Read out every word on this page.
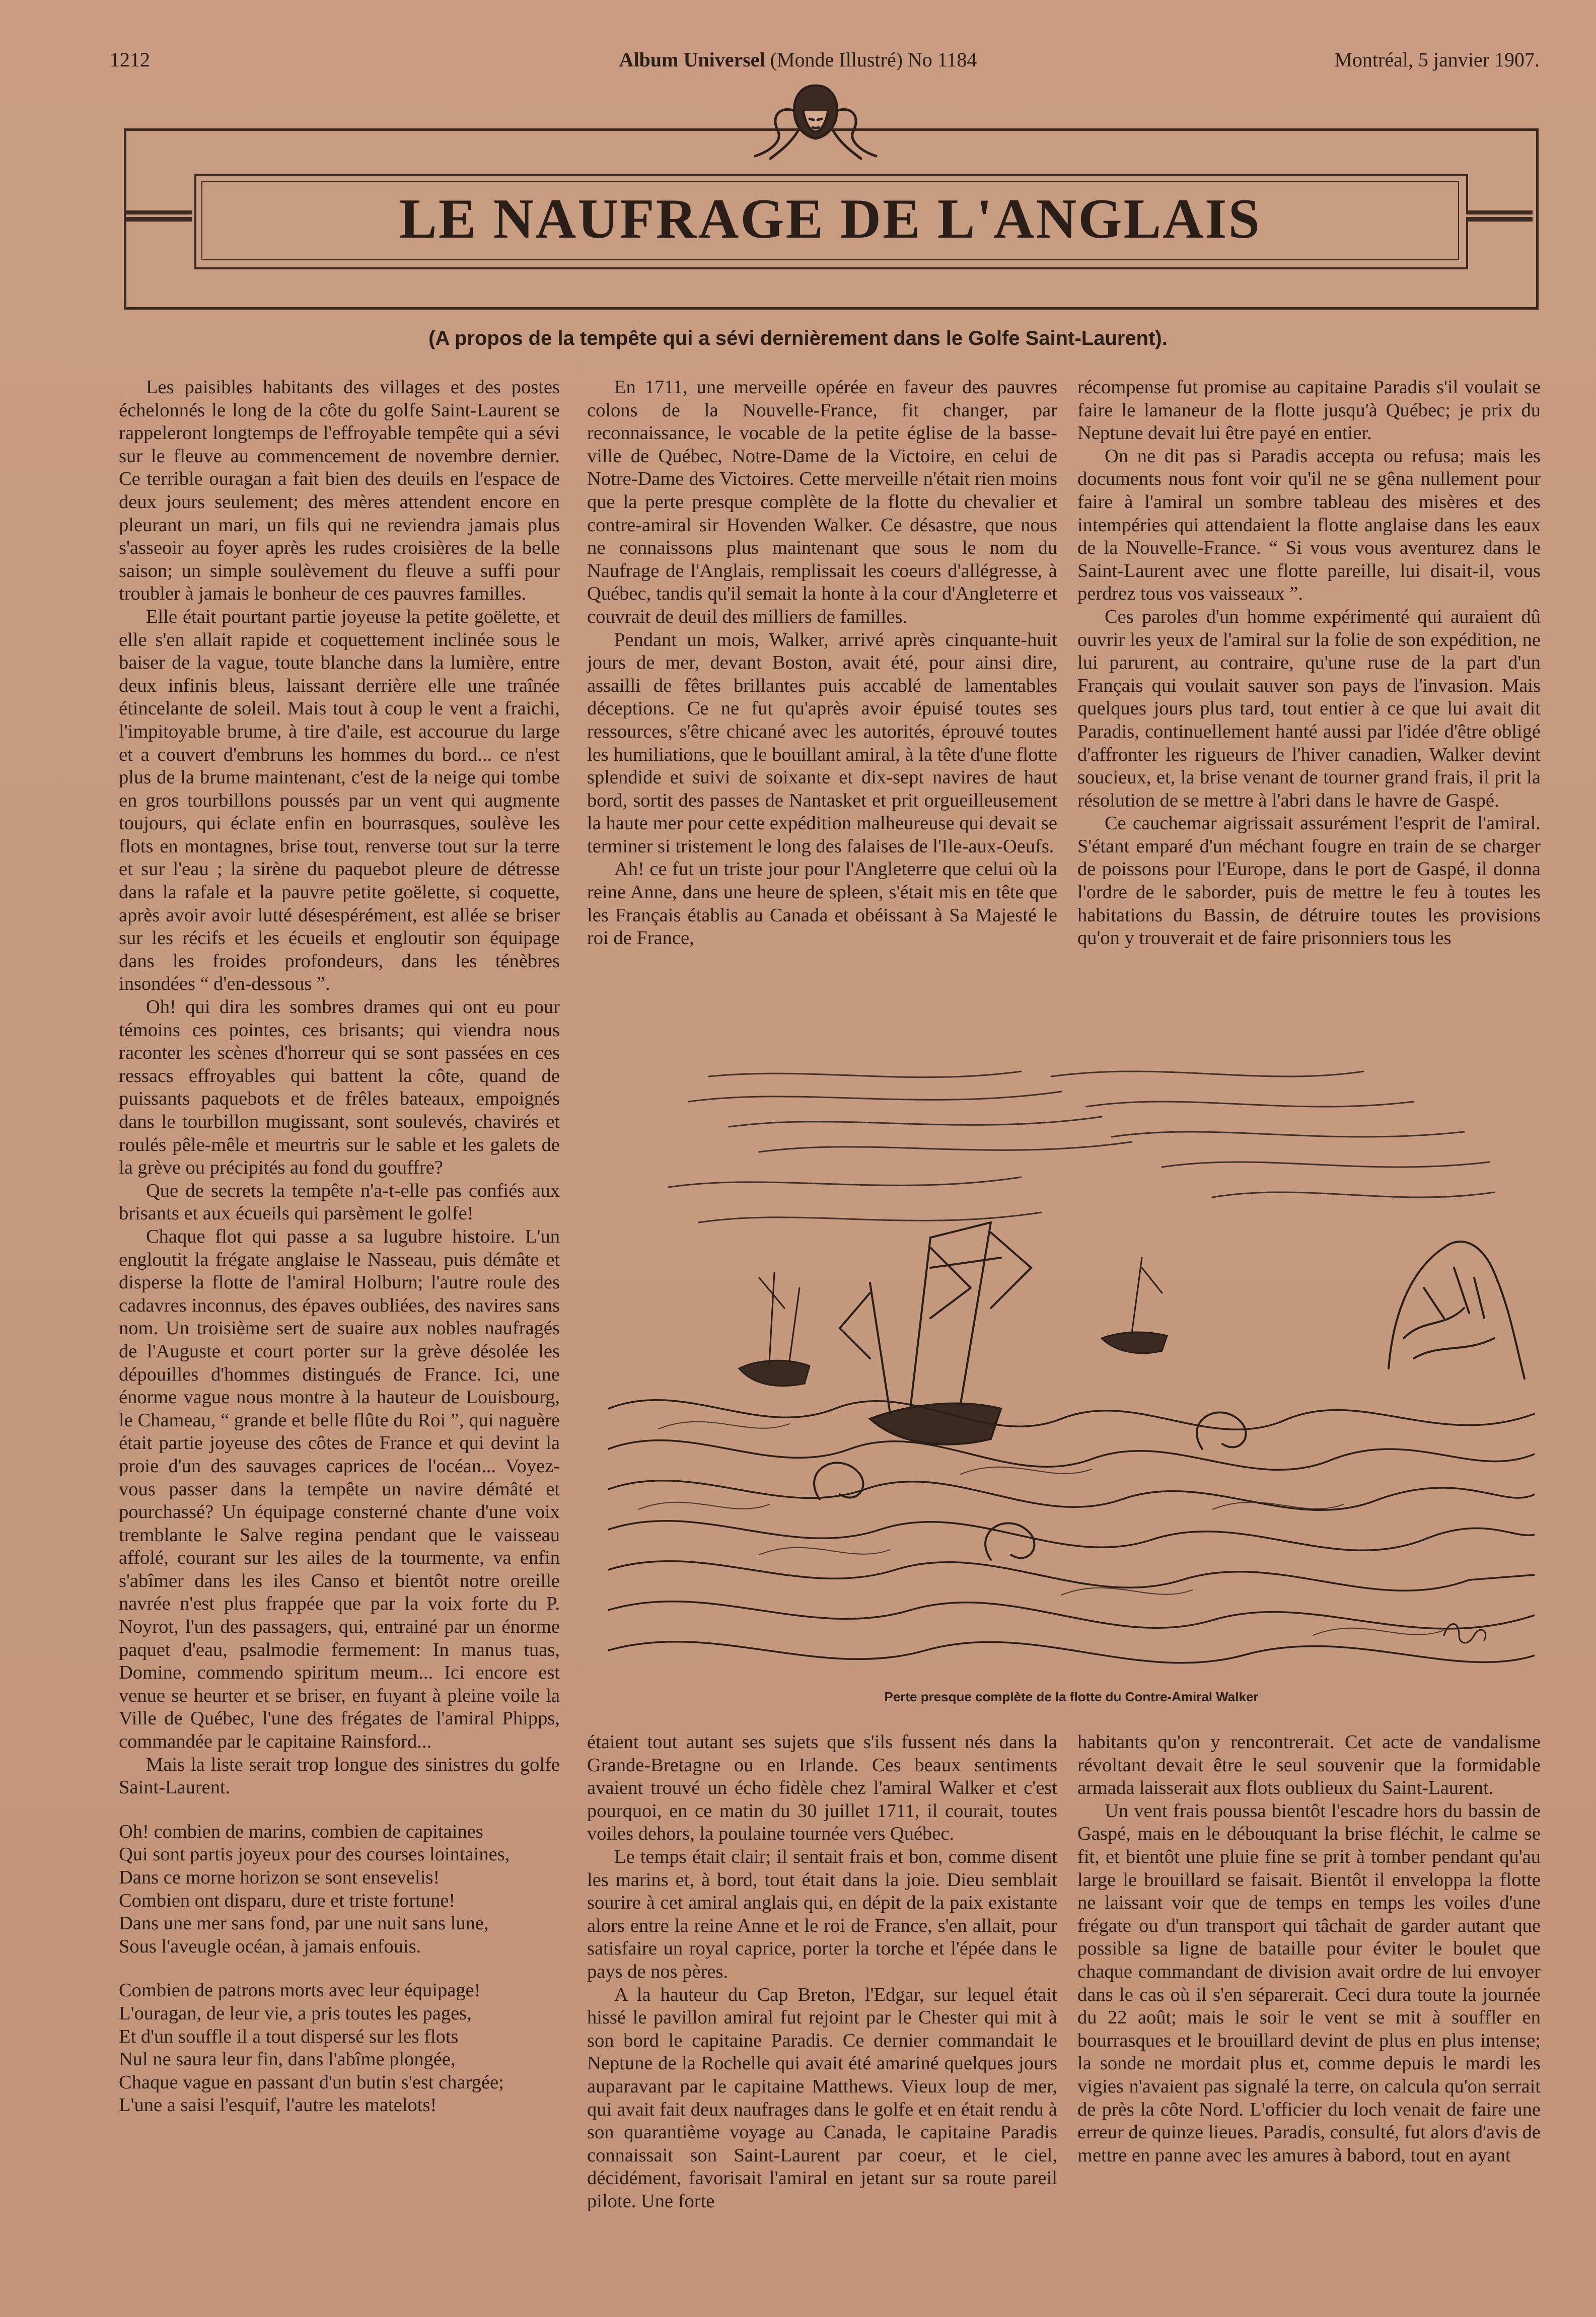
1212	Album Universel (Monde Illustré) No 1184	Montréal, 5 janvier 1907.
LE NAUFRAGE DE L'ANGLAIS
(A propos de la tempête qui a sévi dernièrement dans le Golfe Saint-Laurent).

Les paisibles habitants des villages et des postes échelonnés le long de la côte du golfe Saint-Laurent se rappeleront longtemps de l'effroyable tempête qui a sévi sur le fleuve au commencement de novembre dernier. Ce terrible ouragan a fait bien des deuils en l'espace de deux jours seulement; des mères attendent encore en pleurant un mari, un fils qui ne reviendra jamais plus s'asseoir au foyer après les rudes croisières de la belle saison; un simple soulèvement du fleuve a suffi pour troubler à jamais le bonheur de ces pauvres familles.

Elle était pourtant partie joyeuse la petite goëlette, et elle s'en allait rapide et coquettement inclinée sous le baiser de la vague, toute blanche dans la lumière, entre deux infinis bleus, laissant derrière elle une traînée étincelante de soleil. Mais tout à coup le vent a fraichi, l'impitoyable brume, à tire d'aile, est accourue du large et a couvert d'embruns les hommes du bord... ce n'est plus de la brume maintenant, c'est de la neige qui tombe en gros tourbillons poussés par un vent qui augmente toujours, qui éclate enfin en bourrasques, soulève les flots en montagnes, brise tout, renverse tout sur la terre et sur l'eau ; la sirène du paquebot pleure de détresse dans la rafale et la pauvre petite goëlette, si coquette, après avoir avoir lutté désespérément, est allée se briser sur les récifs et les écueils et engloutir son équipage dans les froides profondeurs, dans les ténèbres insondées “ d'en-dessous ”.

Oh! qui dira les sombres drames qui ont eu pour témoins ces pointes, ces brisants; qui viendra nous raconter les scènes d'horreur qui se sont passées en ces ressacs effroyables qui battent la côte, quand de puissants paquebots et de frêles bateaux, empoignés dans le tourbillon mugissant, sont soulevés, chavirés et roulés pêle-mêle et meurtris sur le sable et les galets de la grève ou précipités au fond du gouffre?

Que de secrets la tempête n'a-t-elle pas confiés aux brisants et aux écueils qui parsèment le golfe!

Chaque flot qui passe a sa lugubre histoire. L'un engloutit la frégate anglaise le Nasseau, puis démâte et disperse la flotte de l'amiral Holburn; l'autre roule des cadavres inconnus, des épaves oubliées, des navires sans nom. Un troisième sert de suaire aux nobles naufragés de l'Auguste et court porter sur la grève désolée les dépouilles d'hommes distingués de France. Ici, une énorme vague nous montre à la hauteur de Louisbourg, le Chameau, “ grande et belle flûte du Roi ”, qui naguère était partie joyeuse des côtes de France et qui devint la proie d'un des sauvages caprices de l'océan... Voyez-vous passer dans la tempête un navire démâté et pourchassé? Un équipage consterné chante d'une voix tremblante le Salve regina pendant que le vaisseau affolé, courant sur les ailes de la tourmente, va enfin s'abîmer dans les iles Canso et bientôt notre oreille navrée n'est plus frappée que par la voix forte du P. Noyrot, l'un des passagers, qui, entrainé par un énorme paquet d'eau, psalmodie fermement: In manus tuas, Domine, commendo spiritum meum... Ici encore est venue se heurter et se briser, en fuyant à pleine voile la Ville de Québec, l'une des frégates de l'amiral Phipps, commandée par le capitaine Rainsford...

Mais la liste serait trop longue des sinistres du golfe Saint-Laurent.

Oh! combien de marins, combien de capitaines
Qui sont partis joyeux pour des courses lointaines,
Dans ce morne horizon se sont ensevelis!
Combien ont disparu, dure et triste fortune!
Dans une mer sans fond, par une nuit sans lune,
Sous l'aveugle océan, à jamais enfouis.
Combien de patrons morts avec leur équipage!
L'ouragan, de leur vie, a pris toutes les pages,
Et d'un souffle il a tout dispersé sur les flots
Nul ne saura leur fin, dans l'abîme plongée,
Chaque vague en passant d'un butin s'est chargée;
L'une a saisi l'esquif, l'autre les matelots!

En 1711, une merveille opérée en faveur des pauvres colons de la Nouvelle-France, fit changer, par reconnaissance, le vocable de la petite église de la basse-ville de Québec, Notre-Dame de la Victoire, en celui de Notre-Dame des Victoires. Cette merveille n'était rien moins que la perte presque complète de la flotte du chevalier et contre-amiral sir Hovenden Walker. Ce désastre, que nous ne connaissons plus maintenant que sous le nom du Naufrage de l'Anglais, remplissait les coeurs d'allégresse, à Québec, tandis qu'il semait la honte à la cour d'Angleterre et couvrait de deuil des milliers de familles.

Pendant un mois, Walker, arrivé après cinquante-huit jours de mer, devant Boston, avait été, pour ainsi dire, assailli de fêtes brillantes puis accablé de lamentables déceptions. Ce ne fut qu'après avoir épuisé toutes ses ressources, s'être chicané avec les autorités, éprouvé toutes les humiliations, que le bouillant amiral, à la tête d'une flotte splendide et suivi de soixante et dix-sept navires de haut bord, sortit des passes de Nantasket et prit orgueilleusement la haute mer pour cette expédition malheureuse qui devait se terminer si tristement le long des falaises de l'Ile-aux-Oeufs.

Ah! ce fut un triste jour pour l'Angleterre que celui où la reine Anne, dans une heure de spleen, s'était mis en tête que les Français établis au Canada et obéissant à Sa Majesté le roi de France,

récompense fut promise au capitaine Paradis s'il voulait se faire le lamaneur de la flotte jusqu'à Québec; je prix du Neptune devait lui être payé en entier.

On ne dit pas si Paradis accepta ou refusa; mais les documents nous font voir qu'il ne se gêna nullement pour faire à l'amiral un sombre tableau des misères et des intempéries qui attendaient la flotte anglaise dans les eaux de la Nouvelle-France. “ Si vous vous aventurez dans le Saint-Laurent avec une flotte pareille, lui disait-il, vous perdrez tous vos vaisseaux ”.

Ces paroles d'un homme expérimenté qui auraient dû ouvrir les yeux de l'amiral sur la folie de son expédition, ne lui parurent, au contraire, qu'une ruse de la part d'un Français qui voulait sauver son pays de l'invasion. Mais quelques jours plus tard, tout entier à ce que lui avait dit Paradis, continuellement hanté aussi par l'idée d'être obligé d'affronter les rigueurs de l'hiver canadien, Walker devint soucieux, et, la brise venant de tourner grand frais, il prit la résolution de se mettre à l'abri dans le havre de Gaspé.

Ce cauchemar aigrissait assurément l'esprit de l'amiral. S'étant emparé d'un méchant fougre en train de se charger de poissons pour l'Europe, dans le port de Gaspé, il donna l'ordre de le saborder, puis de mettre le feu à toutes les habitations du Bassin, de détruire toutes les provisions qu'on y trouverait et de faire prisonniers tous les

Perte presque complète de la flotte du Contre-Amiral Walker

étaient tout autant ses sujets que s'ils fussent nés dans la Grande-Bretagne ou en Irlande. Ces beaux sentiments avaient trouvé un écho fidèle chez l'amiral Walker et c'est pourquoi, en ce matin du 30 juillet 1711, il courait, toutes voiles dehors, la poulaine tournée vers Québec.

Le temps était clair; il sentait frais et bon, comme disent les marins et, à bord, tout était dans la joie. Dieu semblait sourire à cet amiral anglais qui, en dépit de la paix existante alors entre la reine Anne et le roi de France, s'en allait, pour satisfaire un royal caprice, porter la torche et l'épée dans le pays de nos pères.

A la hauteur du Cap Breton, l'Edgar, sur lequel était hissé le pavillon amiral fut rejoint par le Chester qui mit à son bord le capitaine Paradis. Ce dernier commandait le Neptune de la Rochelle qui avait été amariné quelques jours auparavant par le capitaine Matthews. Vieux loup de mer, qui avait fait deux naufrages dans le golfe et en était rendu à son quarantième voyage au Canada, le capitaine Paradis connaissait son Saint-Laurent par coeur, et le ciel, décidément, favorisait l'amiral en jetant sur sa route pareil pilote. Une forte

habitants qu'on y rencontrerait. Cet acte de vandalisme révoltant devait être le seul souvenir que la formidable armada laisserait aux flots oublieux du Saint-Laurent.

Un vent frais poussa bientôt l'escadre hors du bassin de Gaspé, mais en le débouquant la brise fléchit, le calme se fit, et bientôt une pluie fine se prit à tomber pendant qu'au large le brouillard se faisait. Bientôt il enveloppa la flotte ne laissant voir que de temps en temps les voiles d'une frégate ou d'un transport qui tâchait de garder autant que possible sa ligne de bataille pour éviter le boulet que chaque commandant de division avait ordre de lui envoyer dans le cas où il s'en séparerait. Ceci dura toute la journée du 22 août; mais le soir le vent se mit à souffler en bourrasques et le brouillard devint de plus en plus intense; la sonde ne mordait plus et, comme depuis le mardi les vigies n'avaient pas signalé la terre, on calcula qu'on serrait de près la côte Nord. L'officier du loch venait de faire une erreur de quinze lieues. Paradis, consulté, fut alors d'avis de mettre en panne avec les amures à babord, tout en ayant
